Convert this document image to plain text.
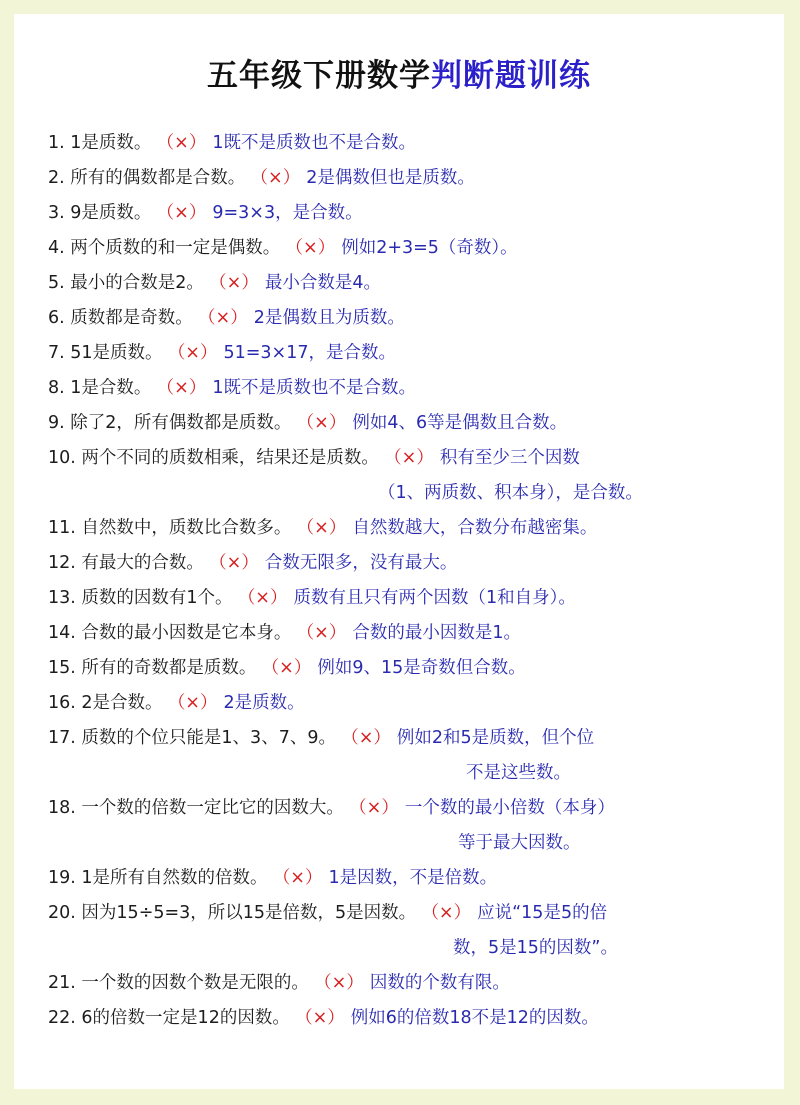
五年级下册数学判断题训练
1. 1是质数。 （×） 1既不是质数也不是合数。
2. 所有的偶数都是合数。 （×） 2是偶数但也是质数。
3. 9是质数。 （×） 9=3×3，是合数。
4. 两个质数的和一定是偶数。 （×） 例如2+3=5（奇数）。
5. 最小的合数是2。 （×） 最小合数是4。
6. 质数都是奇数。 （×） 2是偶数且为质数。
7. 51是质数。 （×） 51=3×17，是合数。
8. 1是合数。 （×） 1既不是质数也不是合数。
9. 除了2，所有偶数都是质数。 （×） 例如4、6等是偶数且合数。
10. 两个不同的质数相乘，结果还是质数。 （×） 积有至少三个因数
（1、两质数、积本身），是合数。
11. 自然数中，质数比合数多。 （×） 自然数越大，合数分布越密集。
12. 有最大的合数。 （×） 合数无限多，没有最大。
13. 质数的因数有1个。 （×） 质数有且只有两个因数（1和自身）。
14. 合数的最小因数是它本身。 （×） 合数的最小因数是1。
15. 所有的奇数都是质数。 （×） 例如9、15是奇数但合数。
16. 2是合数。 （×） 2是质数。
17. 质数的个位只能是1、3、7、9。 （×） 例如2和5是质数，但个位
不是这些数。
18. 一个数的倍数一定比它的因数大。 （×） 一个数的最小倍数（本身）
等于最大因数。
19. 1是所有自然数的倍数。 （×） 1是因数，不是倍数。
20. 因为15÷5=3，所以15是倍数，5是因数。 （×） 应说“15是5的倍
数，5是15的因数”。
21. 一个数的因数个数是无限的。 （×） 因数的个数有限。
22. 6的倍数一定是12的因数。 （×） 例如6的倍数18不是12的因数。
